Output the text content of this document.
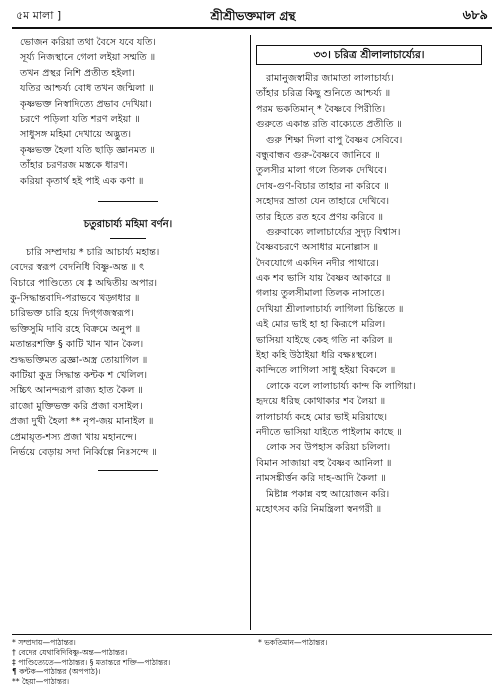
৫ম মালা ]	শ্রীশ্রীভক্তমাল গ্রন্থ	৬৮৯
ভোজন করিয়া তথা বৈসে যবে যতি।
সূর্য্য নিজস্থানে গেলা লইয়া সম্মতি ॥
তখন প্রস্থর নিশি প্রতীত হইলা।
যতির আশ্চর্য্য বোধ তখন জন্মিলা ॥
কৃষ্ণভক্ত নিস্বাদিত্যে প্রভাব দেখিয়া।
চরণে পড়িলা যতি শরণ লইয়া ॥
সাধুসঙ্গ মহিমা দেখায়ে অদ্ভুত।
কৃষ্ণভক্ত হৈলা যতি ছাড়ি জ্ঞানমত ॥
তাঁহার চরণরজ মস্তকে ধারণ।
করিয়া কৃতার্থ হই পাই এক কণা ॥
চতুরাচার্য্য মহিমা বর্ণন।
চারি সম্প্রদায় * চারি আচার্য্য মহান্ত।
বেদের স্বরূপ বেদনিধি বিষ্ণু-অন্ত ॥ ৎ
বিচারে পাণ্ডিত্যে ষে ‡ অদ্বিতীয় অপার।
কু-সিদ্ধান্তবাদি-পরাভবে খড়্গধার ॥
চারিভক্ত চারি হয়ে দিগ্‌গজস্বরূপ।
ভক্তিসুমি দাবি রহে বিক্রমে অনুপ ॥
মতান্তরশক্তি § কাটি খান খান কৈল।
শুদ্ধভক্তিমত ব্রজ্ঞা-অস্ত্র তোয়াগিল ॥
কাটিয়া কুদ্র সিদ্ধান্ত কন্টক শ খেলিল।
সচ্চিৎ আনন্দরূপ রাজ্য হাত কৈল ॥
রাজো মুক্তিভক্ত করি প্রজা বসাইল।
প্রজা দুখী হৈলা ** নৃপ-জয় মানাইল ॥
প্রেমায়ৃত-শস্য প্রজা খায় মহানন্দে।
নির্ভয়ে বেড়ায় সদা নির্ব্বিল্পে নিঃসন্দে ॥
৩৩। চরিত্র শ্রীলালাচার্য্যের।
রামানুজস্বামীর জামাতা লালাচার্য্য।
তাঁহার চরিত্র কিছু শুনিতে আশ্চর্য্য ॥
পরম ভকতিমান্‌ * বৈষ্ণবে পিরীতি।
গুরুতে একান্ত রতি বাক্যেতে প্রতীতি ॥
গুরু শিক্ষা দিলা বাপু বৈষ্ণব সেবিবে।
বন্ধুবান্ধব গুরু-বৈষ্ণবে জানিবে ॥
তুলসীর মালা গলে তিলক দেখিবে।
দোষ-গুণ-বিচার তাহার না করিবে ॥
সহোদর ভ্রাতা যেন তাহারে দেখিবে।
তার হিতে রত হবে প্রণয় করিবে ॥
গুরুবাক্যে লালাচার্য্যের সুদৃঢ় বিশ্বাস।
বৈষ্ণবচরণে অসাধার মনোল্লাস ॥
দৈবযোগে একদিন নদীর পাথারে।
এক শব ভাসি যায় বৈষ্ণব আকারে ॥
গলায় তুলসীমালা তিলক নাসাতে।
দেখিয়া শ্রীলালাচার্য্য লাগিলা চিন্তিতে ॥
এই মোর ভাই হা হা কিরূপে মরিল।
ভাসিয়া যাইছে কেহ গতি না করিল ॥
ইহা কহি উঠাইয়া ধরি বক্ষঃস্থলে।
কান্দিতে লাগিলা সাধু হইয়া বিকলে ॥
লোকে বলে লালাচার্য্য কান্দ কি লাগিয়া।
হৃদয়ে ধরিছ কোথাকার শব লৈয়া ॥
লালাচার্য্য কহে মোর ভাই মরিয়াছে।
নদীতে ভাসিয়া যাইতে পাইলাম কাছে ॥
লোক সব উপহাস করিয়া চলিলা।
বিমান সাজায়া বহু বৈষ্ণব আনিলা ॥
নামসঙ্কীর্ত্তন করি দাহ-আদি কৈলা ॥
মিষ্টান্ন পকান্ন বহু আয়োজন করি।
মহোৎসব করি নিমন্ত্রিলা স্বনগরী ॥
* সম্প্রদায়—পাঠান্তর।
† বেদের যেথাবিদিবিষ্ণু-অন্ত—পাঠান্তর।
‡ পাণ্ডিত্যেতে—পাঠান্তর। § মতান্তরে শক্তি—পাঠান্তর।
¶ কন্টক—পাঠান্তর (অপপাঠ)।
** হৈয়া—পাঠান্তর।
* ভকতিমান—পাঠান্তর।
